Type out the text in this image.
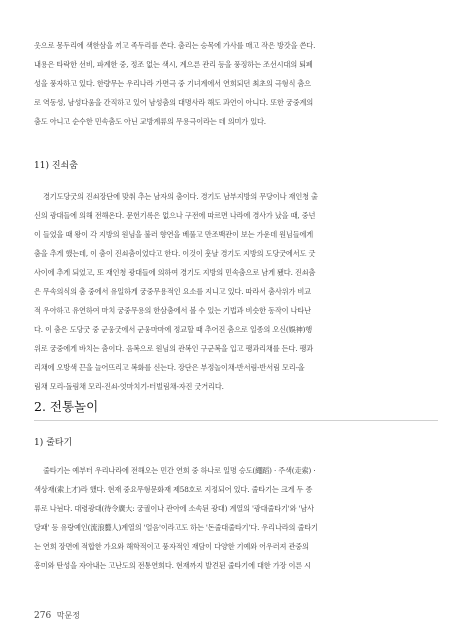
옷으로 몽두리에 색한삼을 끼고 족두리를 쓴다. 춤리는 승목에 가사를 매고 작은 방갓을 쓴다.
내용은 타락한 선비, 파계한 중, 정조 없는 색시, 계으른 관리 등을 풍징하는 조선시대의 퇴폐
성을 풍자하고 있다. 한량무는 우리나라 가면극 중 기녀계에서 연희되던 최초의 극형식 춤으
로 역동성, 남성다움을 간직하고 있어 남성춤의 대명사라 해도 과언이 아니다. 또한 궁중계의
춤도 아니고 순수한 민속춤도 아닌 교방계류의 무용극이라는 데 의미가 있다.
11) 진쇠춤
경기도당굿의 진쇠장단에 맞춰 추는 남자의 춤이다. 경기도 남부지방의 무당이나 재인청 출
신의 광대들에 의해 전해온다. 문헌기록은 없으나 구전에 따르면 나라에 경사가 났을 때, 중넌
이 들었을 때 왕이 각 지방의 원님을 불러 향연을 베풀고 만조백관이 보는 가운데 원님들에게
춤을 추게 했는데, 이 춤이 진쇠춤이었다고 한다. 이것이 훗날 경기도 지방의 도당굿에서도 굿
사이에 추게 되었고, 또 재인청 광대들에 의하여 경기도 지방의 민속춤으로 남게 됐다. 진쇠춤
은 무속의식의 춤 중에서 유일하게 궁중무용적인 요소를 지니고 있다. 따라서 춤사위가 비교
적 우아하고 유연하여 마치 궁중무용의 한삼춤에서 볼 수 있는 기법과 비슷한 동작이 나타난
다. 이 춤은 도당굿 중 군웅굿에서 군웅마마에 정교할 때 추어진 춤으로 일종의 오신(娛神)행
위로 궁중에게 바치는 춤이다. 음복으로 원님의 관복인 구군복을 입고 팽과리채를 든다. 팽과
리채에 오방색 끈을 늘어뜨리고 복화를 신는다. 장단은 부정놀이채-반서림-반서림 모리-올
림채 모리-돌림채 모리-진쇠-엇마치기-터벌림채-자진 굿거리다.
2. 전통놀이
1) 줄타기
줄타기는 예부터 우리나라에 전해오는 민간 연희 중 하나로 일명 승도(繩蹈) · 주색(走索) ·
색상재(索上才)라 했다. 현재 중요무형문화재 제58호로 지정되어 있다. 줄타기는 크게 두 종
류로 나뉜다. 대령광대(待令廣大: 궁궐이나 관아에 소속된 광대) 계열의 '광대줄타기'와 '남사
당패' 등 유랑예인(流浪藝人)계열의 '얼음'이라고도 하는 '돈줄대줄타기'다. 우리나라의 줄타기
는 연희 장면에 적합한 가요와 해학적이고 풍자적인 재담이 다양한 기예와 어우러져 관중의
흥미와 탄성을 자아내는 고난도의 전통연희다. 현재까지 발견된 줄타기에 대한 가장 이른 시
276 막문정
